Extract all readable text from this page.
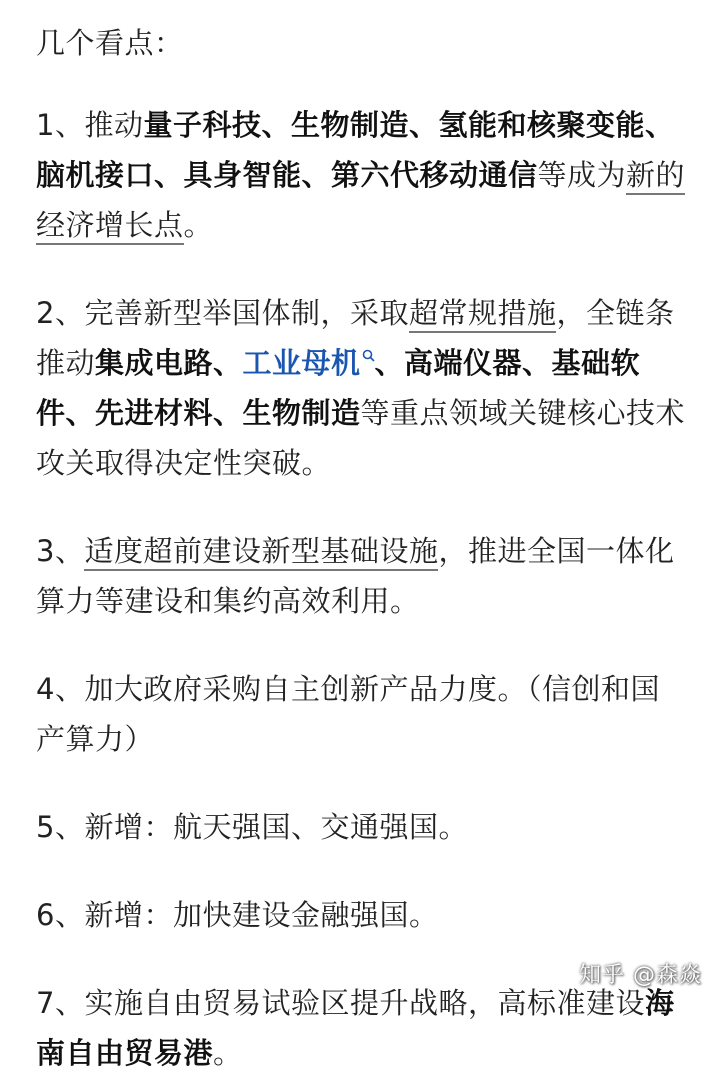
几个看点：

1、推动量子科技、生物制造、氢能和核聚变能、脑机接口、具身智能、第六代移动通信等成为新的经济增长点。

2、完善新型举国体制，采取超常规措施，全链条推动集成电路、工业母机 、高端仪器、基础软件、先进材料、生物制造等重点领域关键核心技术攻关取得决定性突破。

3、适度超前建设新型基础设施，推进全国一体化算力等建设和集约高效利用。

4、加大政府采购自主创新产品力度。（信创和国产算力）

5、新增：航天强国、交通强国。

6、新增：加快建设金融强国。

7、实施自由贸易试验区提升战略，高标准建设海南自由贸易港。

知乎 @森焱
